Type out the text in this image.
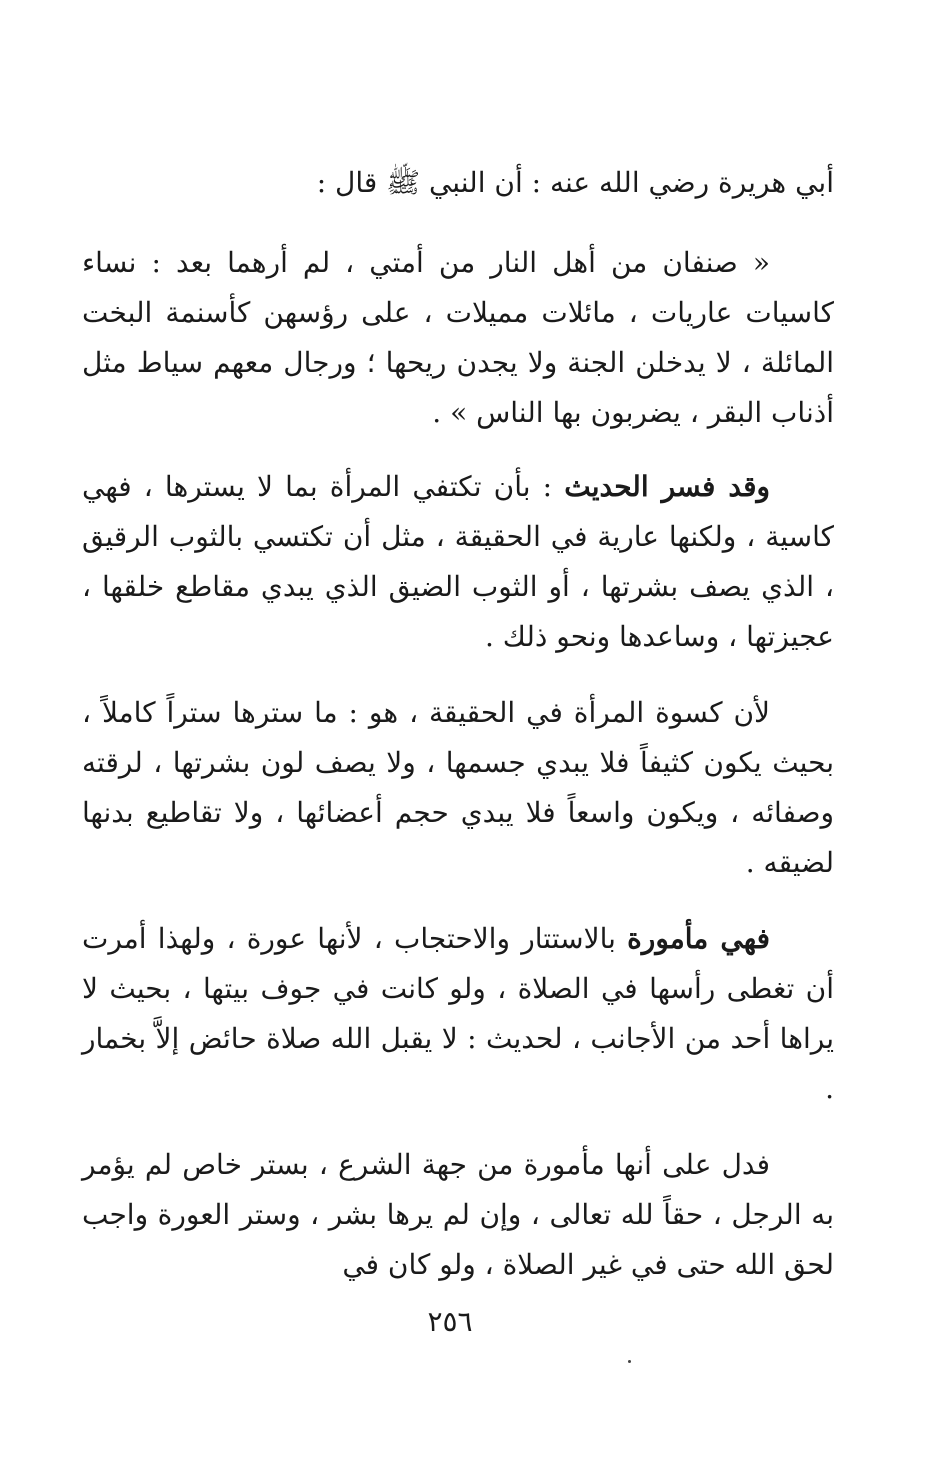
أبي هريرة رضي الله عنه : أن النبي ﷺ قال :

« صنفان من أهل النار من أمتي ، لم أرهما بعد : نساء كاسيات عاريات ، مائلات مميلات ، على رؤسهن كأسنمة البخت المائلة ، لا يدخلن الجنة ولا يجدن ريحها ؛ ورجال معهم سياط مثل أذناب البقر ، يضربون بها الناس » .

وقد فسر الحديث : بأن تكتفي المرأة بما لا يسترها ، فهي كاسية ، ولكنها عارية في الحقيقة ، مثل أن تكتسي بالثوب الرقيق ، الذي يصف بشرتها ، أو الثوب الضيق الذي يبدي مقاطع خلقها ، عجيزتها ، وساعدها ونحو ذلك .

لأن كسوة المرأة في الحقيقة ، هو : ما سترها ستراً كاملاً ، بحيث يكون كثيفاً فلا يبدي جسمها ، ولا يصف لون بشرتها ، لرقته وصفائه ، ويكون واسعاً فلا يبدي حجم أعضائها ، ولا تقاطيع بدنها لضيقه .

فهي مأمورة بالاستتار والاحتجاب ، لأنها عورة ، ولهذا أمرت أن تغطى رأسها في الصلاة ، ولو كانت في جوف بيتها ، بحيث لا يراها أحد من الأجانب ، لحديث : لا يقبل الله صلاة حائض إلاَّ بخمار .

فدل على أنها مأمورة من جهة الشرع ، بستر خاص لم يؤمر به الرجل ، حقاً لله تعالى ، وإن لم يرها بشر ، وستر العورة واجب لحق الله حتى في غير الصلاة ، ولو كان في

٢٥٦
